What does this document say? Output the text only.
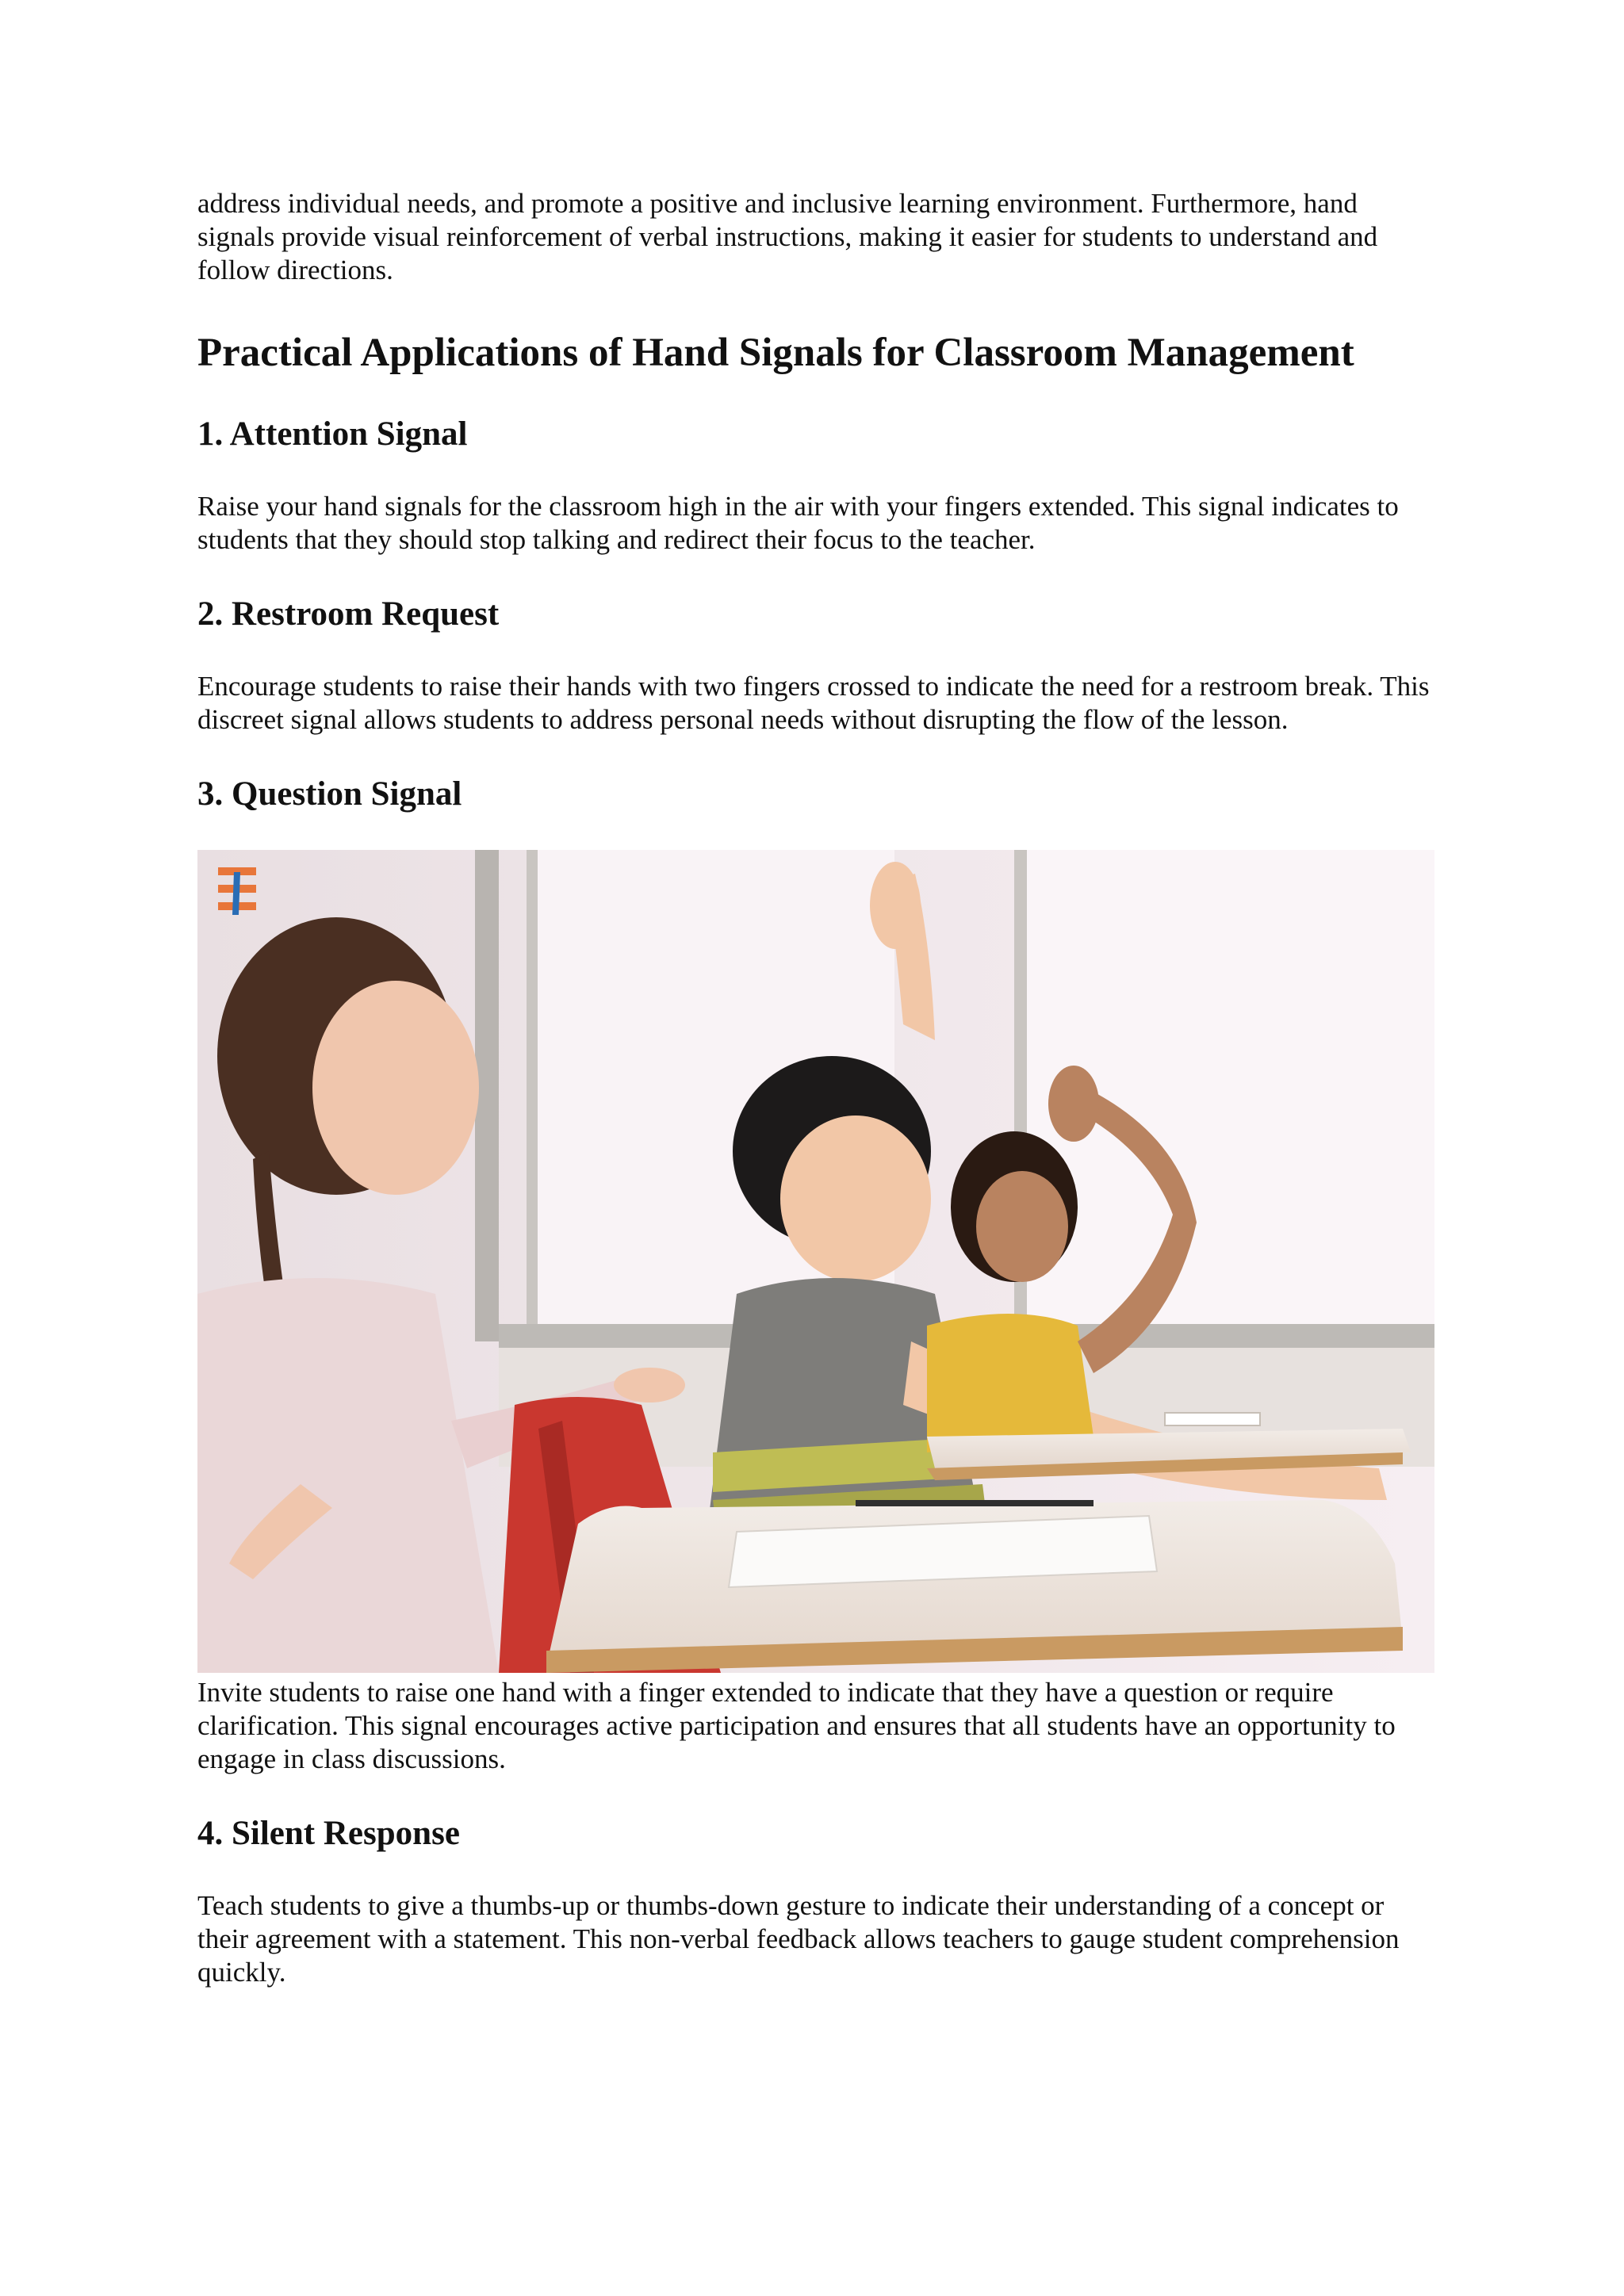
address individual needs, and promote a positive and inclusive learning environment. Furthermore, hand signals provide visual reinforcement of verbal instructions, making it easier for students to understand and follow directions.

Practical Applications of Hand Signals for Classroom Management
1. Attention Signal

Raise your hand signals for the classroom high in the air with your fingers extended. This signal indicates to students that they should stop talking and redirect their focus to the teacher.

2. Restroom Request

Encourage students to raise their hands with two fingers crossed to indicate the need for a restroom break. This discreet signal allows students to address personal needs without disrupting the flow of the lesson.

3. Question Signal

Invite students to raise one hand with a finger extended to indicate that they have a question or require clarification. This signal encourages active participation and ensures that all students have an opportunity to engage in class discussions.

4. Silent Response

Teach students to give a thumbs-up or thumbs-down gesture to indicate their understanding of a concept or their agreement with a statement. This non-verbal feedback allows teachers to gauge student comprehension quickly.
